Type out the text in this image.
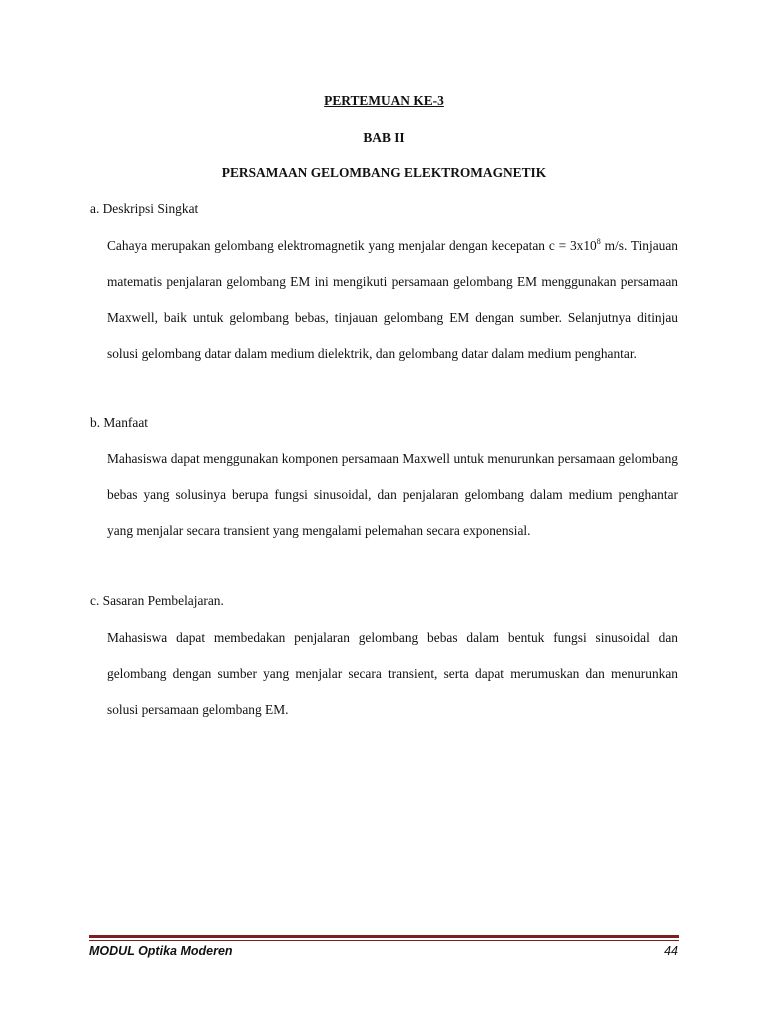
PERTEMUAN KE-3
BAB II
PERSAMAAN GELOMBANG ELEKTROMAGNETIK
a. Deskripsi Singkat
Cahaya merupakan gelombang elektromagnetik yang menjalar dengan kecepatan $c = 3x10^8$ m/s. Tinjauan matematis penjalaran gelombang EM ini mengikuti persamaan gelombang EM menggunakan persamaan Maxwell, baik untuk gelombang bebas, tinjauan gelombang EM dengan sumber. Selanjutnya ditinjau solusi gelombang datar dalam medium dielektrik, dan gelombang datar dalam medium penghantar.
b. Manfaat
Mahasiswa dapat menggunakan komponen persamaan Maxwell untuk menurunkan persamaan gelombang bebas yang solusinya berupa fungsi sinusoidal, dan penjalaran gelombang dalam medium penghantar yang menjalar secara transient yang mengalami pelemahan secara exponensial.
c. Sasaran Pembelajaran.
Mahasiswa dapat membedakan penjalaran gelombang bebas dalam bentuk fungsi sinusoidal dan gelombang dengan sumber yang menjalar secara transient, serta dapat merumuskan dan menurunkan solusi persamaan gelombang EM.
MODUL Optika Moderen	44
